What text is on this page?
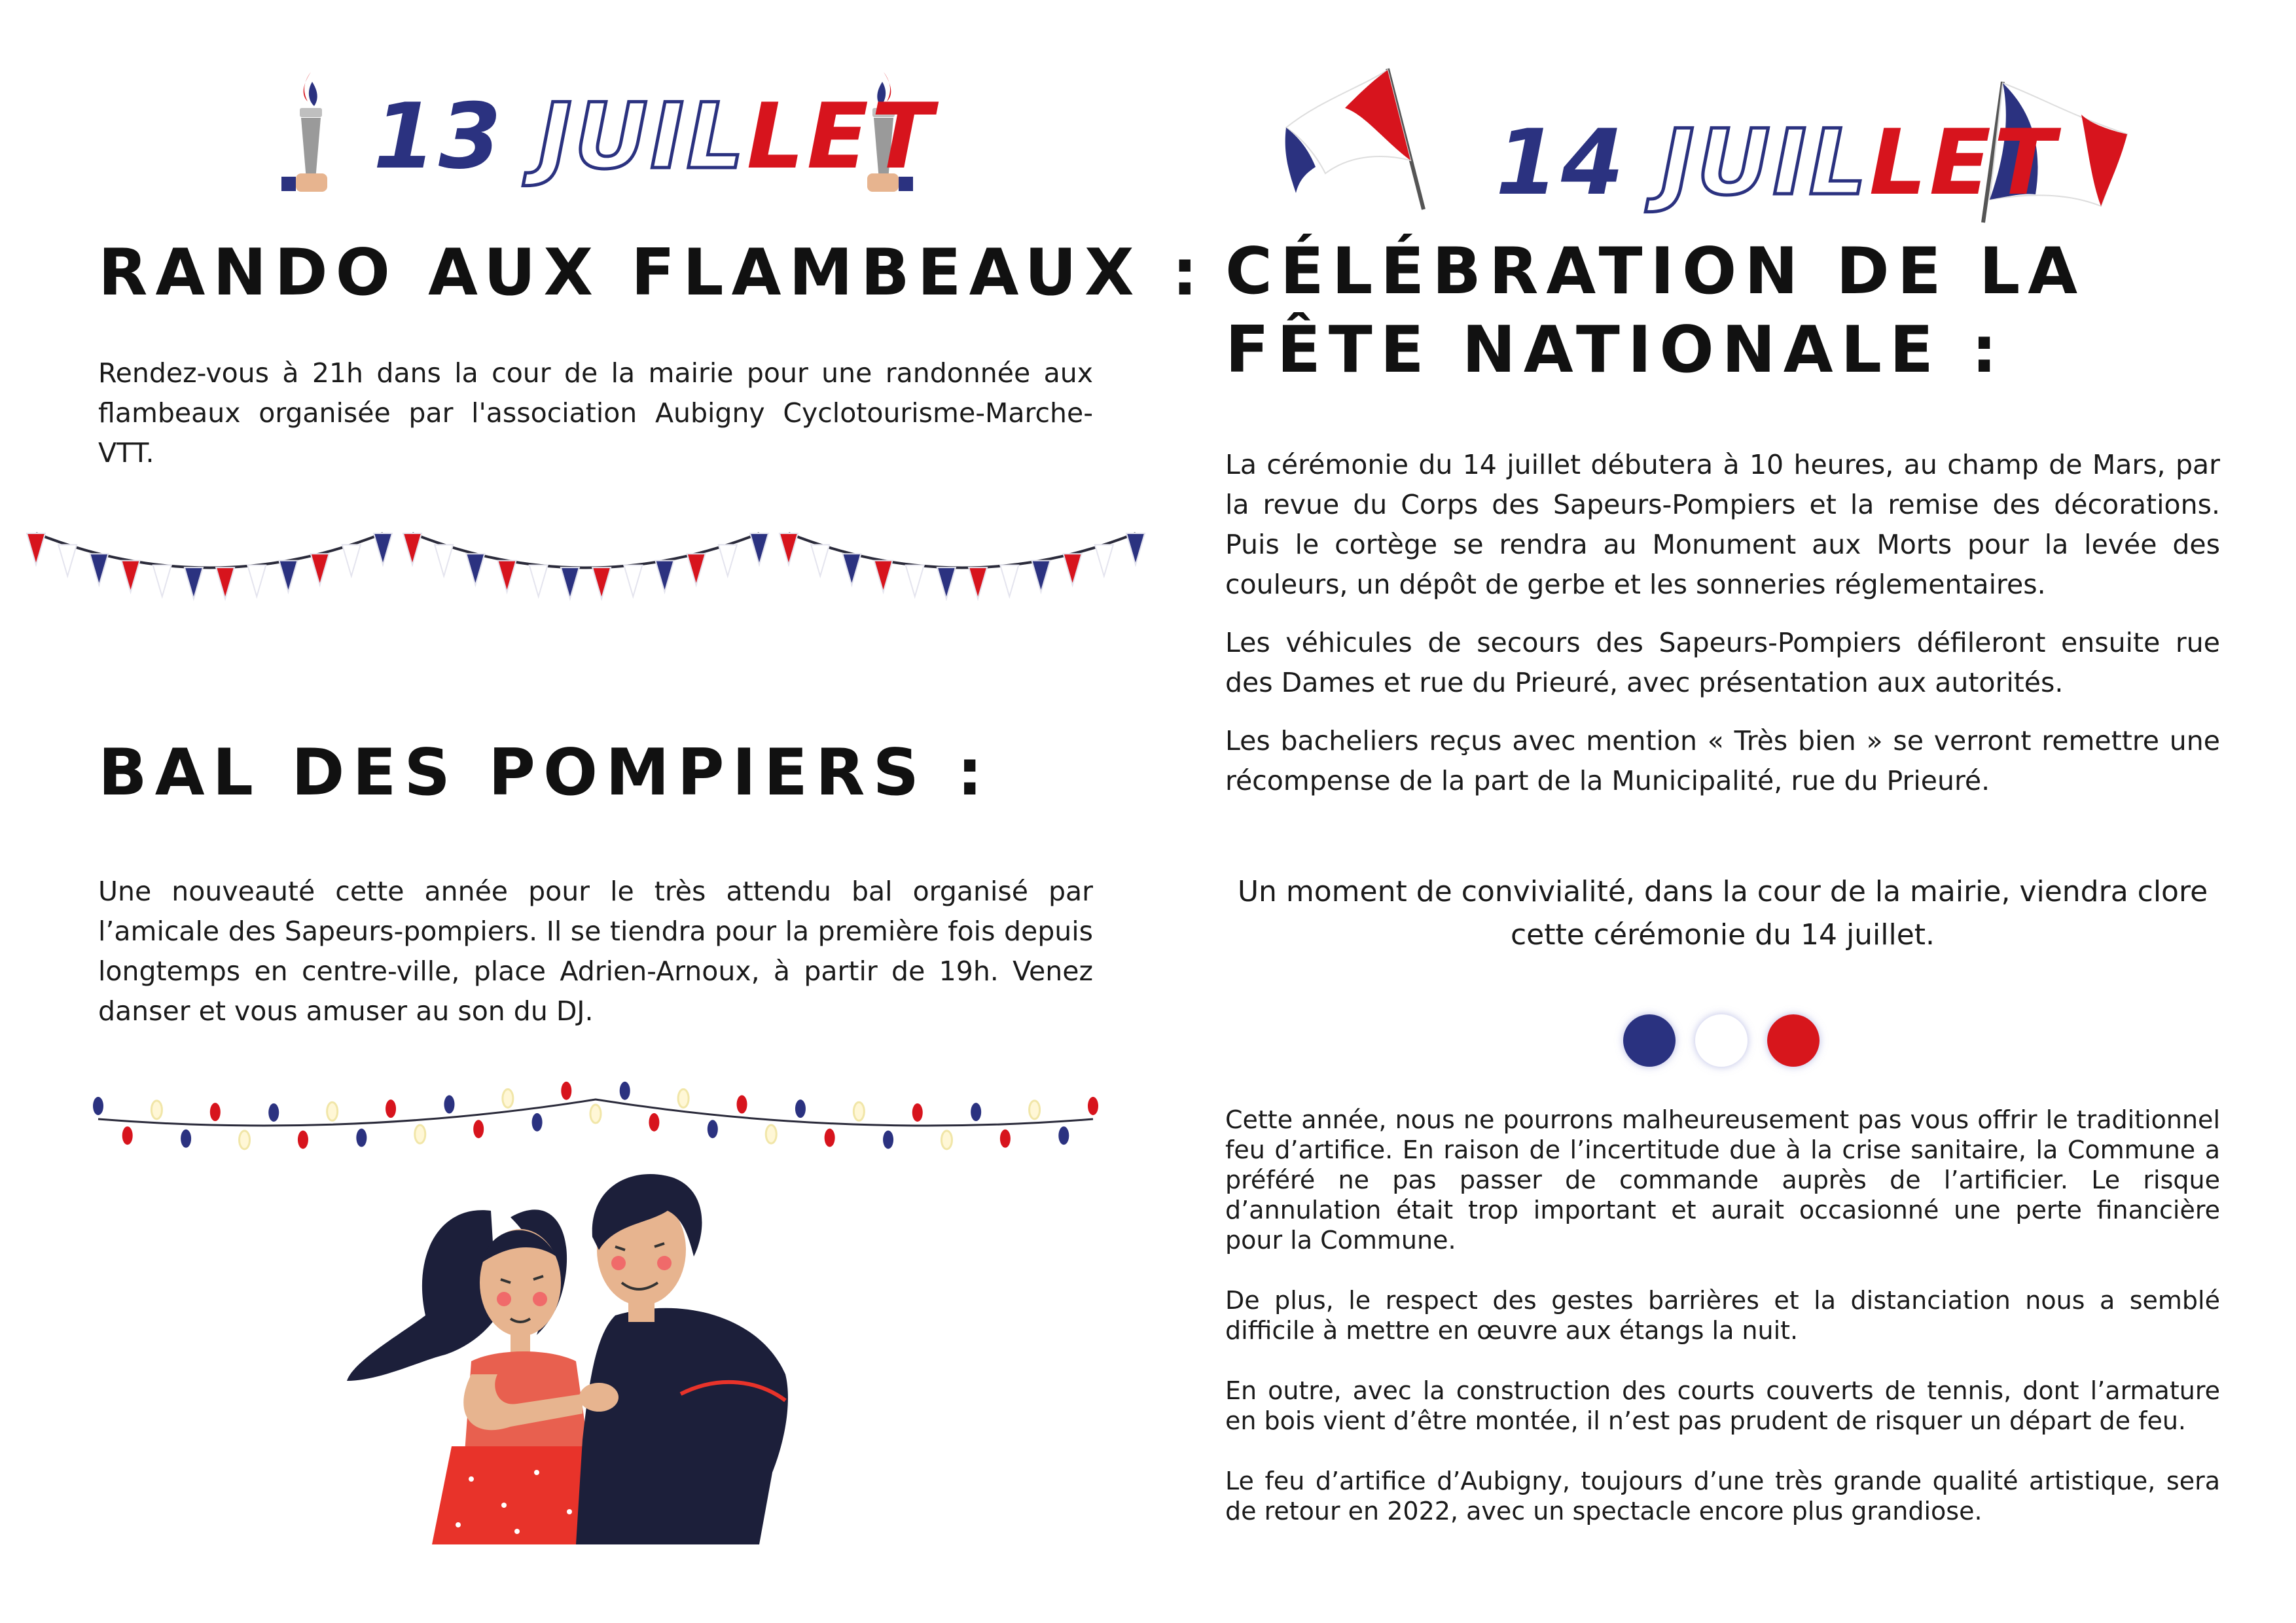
13 JUILLET
RANDO AUX FLAMBEAUX :

Rendez-vous à 21h dans la cour de la mairie pour une randonnée aux flambeaux organisée par l'association Aubigny Cyclotourisme-Marche-VTT.

BAL DES POMPIERS :

Une nouveauté cette année pour le très attendu bal organisé par l’amicale des Sapeurs-pompiers. Il se tiendra pour la première fois depuis longtemps en centre-ville, place Adrien-Arnoux, à partir de 19h. Venez danser et vous amuser au son du DJ.

14 JUILLET
CÉLÉBRATION DE LA FÊTE NATIONALE :

La cérémonie du 14 juillet débutera à 10 heures, au champ de Mars, par la revue du Corps des Sapeurs-Pompiers et la remise des décorations. Puis le cortège se rendra au Monument aux Morts pour la levée des couleurs, un dépôt de gerbe et les sonneries réglementaires.

Les véhicules de secours des Sapeurs-Pompiers défileront ensuite rue des Dames et rue du Prieuré, avec présentation aux autorités.

Les bacheliers reçus avec mention « Très bien » se verront remettre une récompense de la part de la Municipalité, rue du Prieuré.

Un moment de convivialité, dans la cour de la mairie, viendra clore cette cérémonie du 14 juillet.

Cette année, nous ne pourrons malheureusement pas vous offrir le traditionnel feu d’artifice. En raison de l’incertitude due à la crise sanitaire, la Commune a préféré ne pas passer de commande auprès de l’artificier. Le risque d’annulation était trop important et aurait occasionné une perte financière pour la Commune.

De plus, le respect des gestes barrières et la distanciation nous a semblé difficile à mettre en œuvre aux étangs la nuit.

En outre, avec la construction des courts couverts de tennis, dont l’armature en bois vient d’être montée, il n’est pas prudent de risquer un départ de feu.

Le feu d’artifice d’Aubigny, toujours d’une très grande qualité artistique, sera de retour en 2022, avec un spectacle encore plus grandiose.
